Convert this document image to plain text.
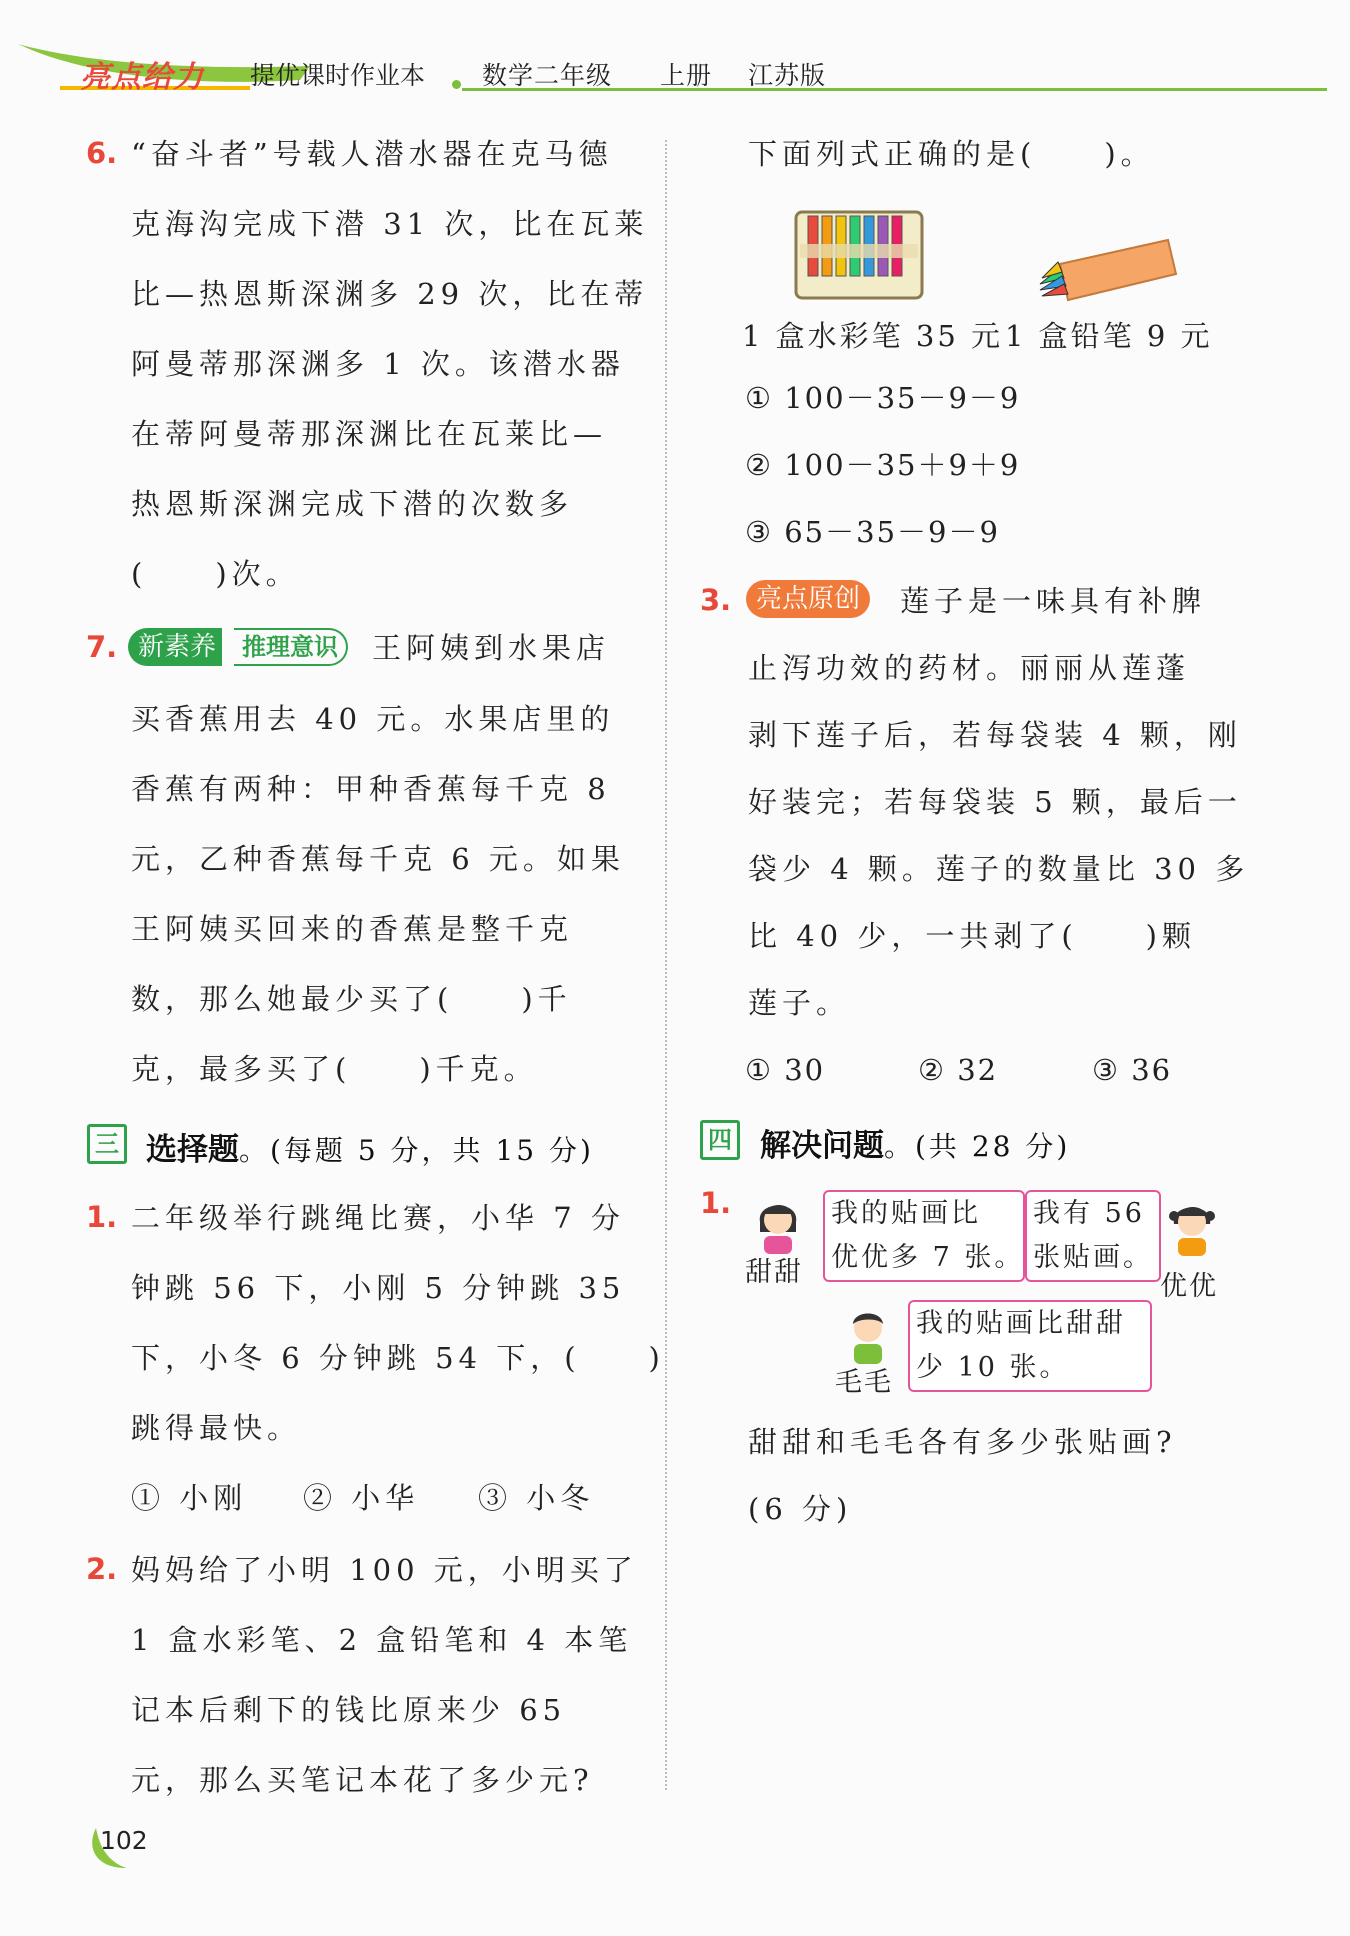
亮点给力 提优课时作业本 数学二年级 上册 江苏版
6. “奋斗者”号载人潜水器在克马德
克海沟完成下潜 31 次，比在瓦莱
比—热恩斯深渊多 29 次，比在蒂
阿曼蒂那深渊多 1 次。该潜水器
在蒂阿曼蒂那深渊比在瓦莱比—
热恩斯深渊完成下潜的次数多
(　　)次。
7. 新素养	推理意识	王阿姨到水果店
买香蕉用去 40 元。水果店里的
香蕉有两种：甲种香蕉每千克 8
元，乙种香蕉每千克 6 元。如果
王阿姨买回来的香蕉是整千克
数，那么她最少买了(　　)千
克，最多买了(　　)千克。
三 选择题。(每题 5 分，共 15 分)
1. 二年级举行跳绳比赛，小华 7 分
钟跳 56 下，小刚 5 分钟跳 35
下，小冬 6 分钟跳 54 下，(　　)
跳得最快。
① 小刚 ② 小华 ③ 小冬
2. 妈妈给了小明 100 元，小明买了
1 盒水彩笔、2 盒铅笔和 4 本笔
记本后剩下的钱比原来少 65
元，那么买笔记本花了多少元?
下面列式正确的是(　　)。
1 盒水彩笔 35 元 1 盒铅笔 9 元
① 100－35－9－9
② 100－35＋9＋9
③ 65－35－9－9
3. 亮点原创	莲子是一味具有补脾
止泻功效的药材。丽丽从莲蓬
剥下莲子后，若每袋装 4 颗，刚
好装完；若每袋装 5 颗，最后一
袋少 4 颗。莲子的数量比 30 多
比 40 少，一共剥了(　　)颗
莲子。
① 30	② 32	③ 36
四 解决问题。(共 28 分)
1.
甜甜
我的贴画比
优优多 7 张。
我有 56
张贴画。
优优
毛毛
我的贴画比甜甜
少 10 张。
甜甜和毛毛各有多少张贴画?
(6 分)
102
